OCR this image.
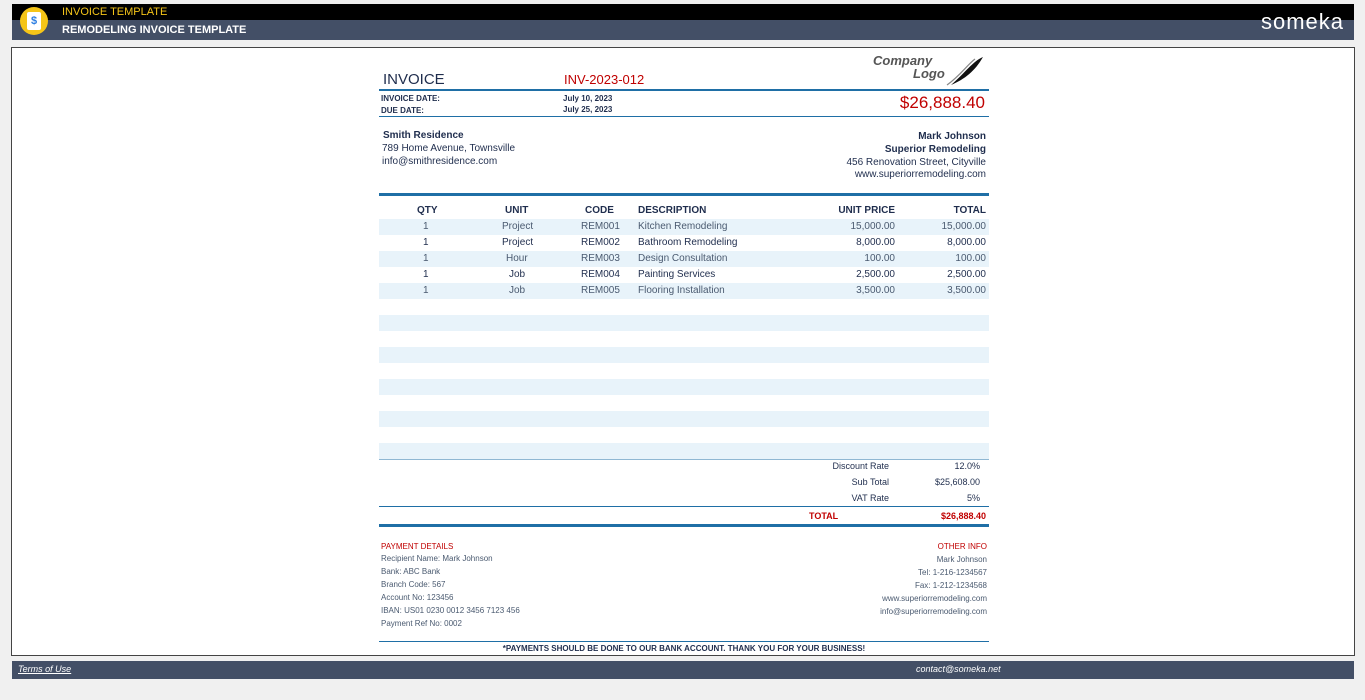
$
INVOICE TEMPLATE
REMODELING INVOICE TEMPLATE	someka
INVOICE	INV-2023-012
Company
Logo
INVOICE DATE:	July 10, 2023
DUE DATE:	July 25, 2023	$26,888.40
Smith Residence
789 Home Avenue, Townsville
info@smithresidence.com
Mark Johnson
Superior Remodeling
456 Renovation Street, Cityville
www.superiorremodeling.com
QTY	UNIT	CODE DESCRIPTION	UNIT PRICE	TOTAL
1	Project	REM001 Kitchen Remodeling	15,000.00	15,000.00
1	Project	REM002 Bathroom Remodeling	8,000.00	8,000.00
1	Hour	REM003 Design Consultation	100.00	100.00
1	Job	REM004 Painting Services	2,500.00	2,500.00
1	Job	REM005 Flooring Installation	3,500.00	3,500.00
Discount Rate	12.0%
Sub Total	$25,608.00
VAT Rate	5%
TOTAL	$26,888.40
PAYMENT DETAILS
Recipient Name: Mark Johnson
Bank: ABC Bank
Branch Code: 567
Account No: 123456
IBAN: US01 0230 0012 3456 7123 456
Payment Ref No: 0002
OTHER INFO
Mark Johnson
Tel: 1-216-1234567
Fax: 1-212-1234568
www.superiorremodeling.com
info@superiorremodeling.com
*PAYMENTS SHOULD BE DONE TO OUR BANK ACCOUNT. THANK YOU FOR YOUR BUSINESS!
Terms of Use	contact@someka.net
